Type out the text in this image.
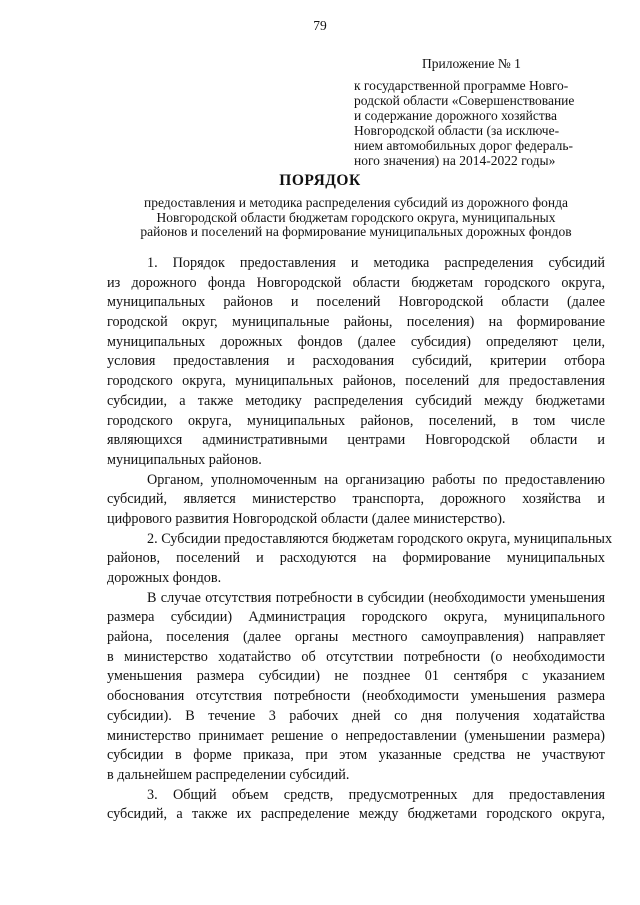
79
Приложение № 1
к государственной программе Новго-
родской области «Совершенствование
и содержание дорожного хозяйства
Новгородской области (за исключе-
нием автомобильных дорог федераль-
ного значения) на 2014-2022 годы»
ПОРЯДОК
предоставления и методика распределения субсидий из дорожного фонда
Новгородской области бюджетам городского округа, муниципальных
районов и поселений на формирование муниципальных дорожных фондов
1. Порядок предоставления и методика распределения субсидий
из дорожного фонда Новгородской области бюджетам городского округа,
муниципальных районов и поселений Новгородской области (далее
городской округ, муниципальные районы, поселения) на формирование
муниципальных дорожных фондов (далее субсидия) определяют цели,
условия предоставления и расходования субсидий, критерии отбора
городского округа, муниципальных районов, поселений для предоставления
субсидии, а также методику распределения субсидий между бюджетами
городского округа, муниципальных районов, поселений, в том числе
являющихся административными центрами Новгородской области и
муниципальных районов.
Органом, уполномоченным на организацию работы по предоставлению
субсидий, является министерство транспорта, дорожного хозяйства и
цифрового развития Новгородской области (далее министерство).
2. Субсидии предоставляются бюджетам городского округа, муниципальных
районов, поселений и расходуются на формирование муниципальных
дорожных фондов.
В случае отсутствия потребности в субсидии (необходимости уменьшения
размера субсидии) Администрация городского округа, муниципального
района, поселения (далее органы местного самоуправления) направляет
в министерство ходатайство об отсутствии потребности (о необходимости
уменьшения размера субсидии) не позднее 01 сентября с указанием
обоснования отсутствия потребности (необходимости уменьшения размера
субсидии). В течение 3 рабочих дней со дня получения ходатайства
министерство принимает решение о непредоставлении (уменьшении размера)
субсидии в форме приказа, при этом указанные средства не участвуют
в дальнейшем распределении субсидий.
3. Общий объем средств, предусмотренных для предоставления
субсидий, а также их распределение между бюджетами городского округа,
